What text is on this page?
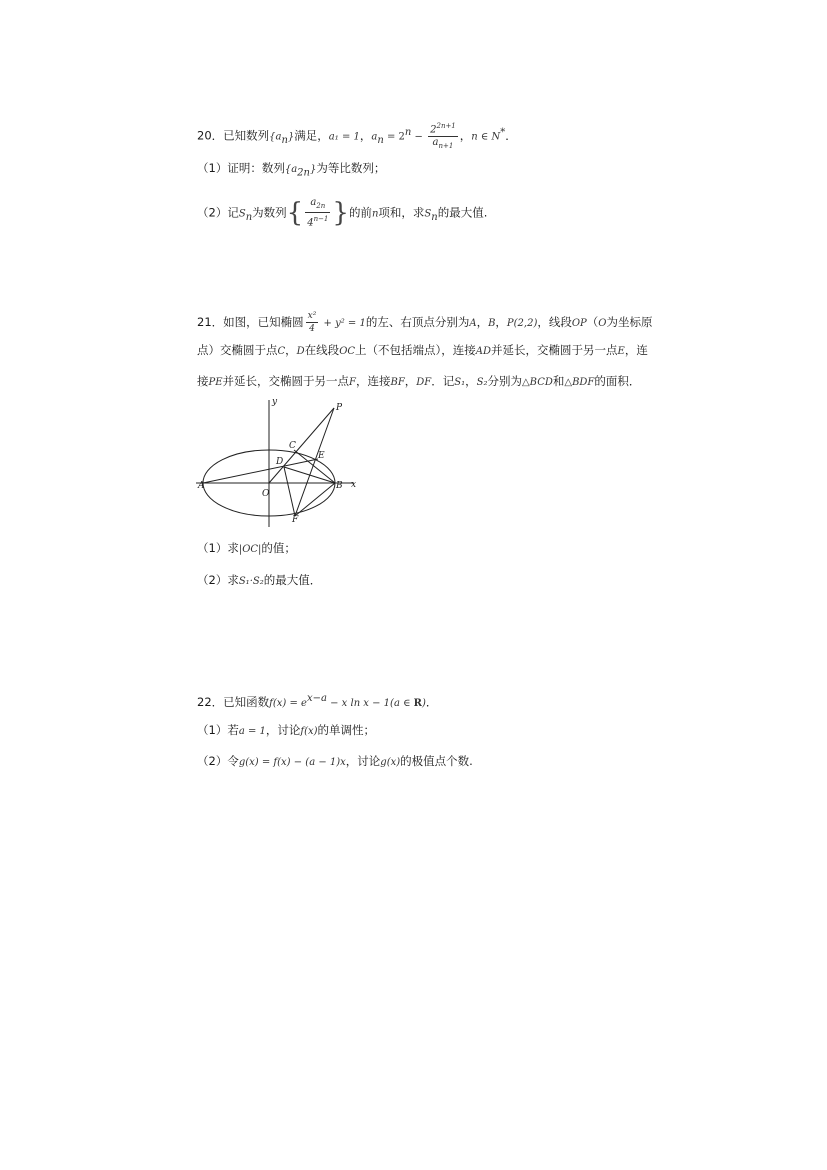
20．已知数列$\{a_n\}$满足，a₁ = 1，$a_n = 2^n - \frac{2^{2n+1}}{a_{n+1}}$ ，n ∈ N*．
（1）证明：数列$\{a_{2n}\}$为等比数列；
（2）记$S_n$为数列{ $\frac{a_{2n}}{4^{n-1}}$ }的前n项和，求$S_n$的最大值.
21．如图，已知椭圆 $\frac{\text{x²}}{4} + y^2 = 1$的左、右顶点分别为A，B，P(2,2)，线段OP（O为坐标原
点）交椭圆于点C，D在线段OC上（不包括端点），连接AD并延长，交椭圆于另一点E，连
接PE并延长，交椭圆于另一点F，连接BF，DF．记S₁，S₂分别为△BCD和△BDF的面积．
y
x
P
C
D
E
A
O
B
F
（1）求|OC|的值；
（2）求S₁·S₂的最大值．
22．已知函数$f(x) = e^{x-a} - x$ ln x − 1(a ∈ R)．
（1）若a = 1，讨论f(x)的单调性；
（2）令g(x) = f(x) − (a − 1)x，讨论g(x)的极值点个数.
